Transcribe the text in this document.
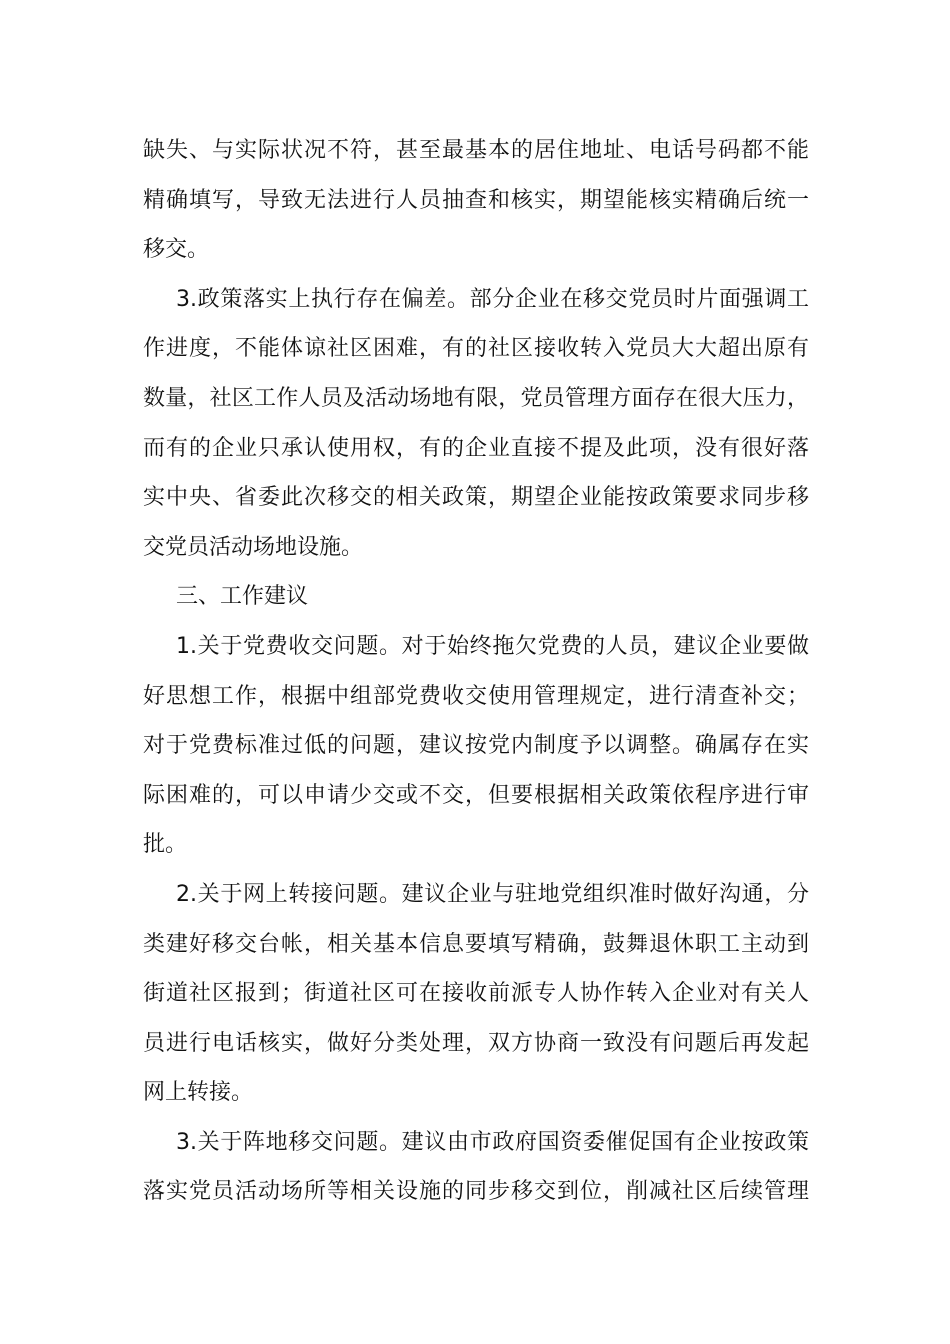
缺失、与实际状况不符，甚至最基本的居住地址、电话号码都不能
精确填写，导致无法进行人员抽查和核实，期望能核实精确后统一
移交。
3.政策落实上执行存在偏差。部分企业在移交党员时片面强调工
作进度，不能体谅社区困难，有的社区接收转入党员大大超出原有
数量，社区工作人员及活动场地有限，党员管理方面存在很大压力，
而有的企业只承认使用权，有的企业直接不提及此项，没有很好落
实中央、省委此次移交的相关政策，期望企业能按政策要求同步移
交党员活动场地设施。
三、工作建议
1.关于党费收交问题。对于始终拖欠党费的人员，建议企业要做
好思想工作，根据中组部党费收交使用管理规定，进行清查补交；
对于党费标准过低的问题，建议按党内制度予以调整。确属存在实
际困难的，可以申请少交或不交，但要根据相关政策依程序进行审
批。
2.关于网上转接问题。建议企业与驻地党组织准时做好沟通，分
类建好移交台帐，相关基本信息要填写精确，鼓舞退休职工主动到
街道社区报到；街道社区可在接收前派专人协作转入企业对有关人
员进行电话核实，做好分类处理，双方协商一致没有问题后再发起
网上转接。
3.关于阵地移交问题。建议由市政府国资委催促国有企业按政策
落实党员活动场所等相关设施的同步移交到位，削减社区后续管理
